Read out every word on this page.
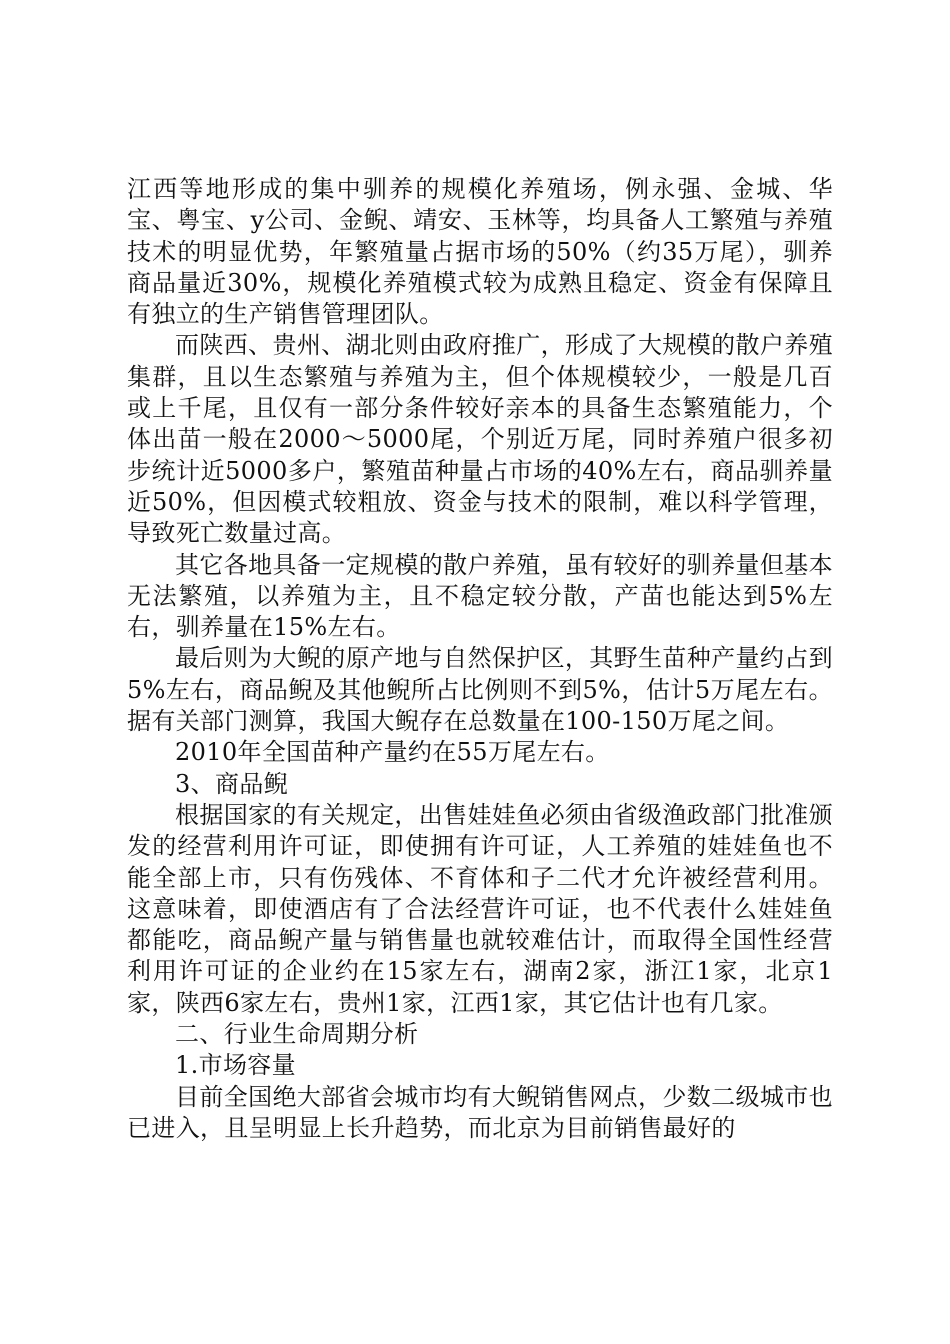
江西等地形成的集中驯养的规模化养殖场，例永强、金城、华宝、粤宝、y公司、金鲵、靖安、玉林等，均具备人工繁殖与养殖技术的明显优势，年繁殖量占据市场的50%（约35万尾），驯养商品量近30%，规模化养殖模式较为成熟且稳定、资金有保障且有独立的生产销售管理团队。

而陕西、贵州、湖北则由政府推广，形成了大规模的散户养殖集群，且以生态繁殖与养殖为主，但个体规模较少，一般是几百或上千尾，且仅有一部分条件较好亲本的具备生态繁殖能力，个体出苗一般在2000～5000尾，个别近万尾，同时养殖户很多初步统计近5000多户，繁殖苗种量占市场的40%左右，商品驯养量近50%，但因模式较粗放、资金与技术的限制，难以科学管理，导致死亡数量过高。

其它各地具备一定规模的散户养殖，虽有较好的驯养量但基本无法繁殖，以养殖为主，且不稳定较分散，产苗也能达到5%左右，驯养量在15%左右。

最后则为大鲵的原产地与自然保护区，其野生苗种产量约占到5%左右，商品鲵及其他鲵所占比例则不到5%，估计5万尾左右。据有关部门测算，我国大鲵存在总数量在100-150万尾之间。

2010年全国苗种产量约在55万尾左右。

3、商品鲵

根据国家的有关规定，出售娃娃鱼必须由省级渔政部门批准颁发的经营利用许可证，即使拥有许可证，人工养殖的娃娃鱼也不能全部上市，只有伤残体、不育体和子二代才允许被经营利用。这意味着，即使酒店有了合法经营许可证，也不代表什么娃娃鱼都能吃，商品鲵产量与销售量也就较难估计，而取得全国性经营利用许可证的企业约在15家左右，湖南2家，浙江1家，北京1家，陕西6家左右，贵州1家，江西1家，其它估计也有几家。

二、行业生命周期分析

1.市场容量

目前全国绝大部省会城市均有大鲵销售网点，少数二级城市也已进入，且呈明显上长升趋势，而北京为目前销售最好的
